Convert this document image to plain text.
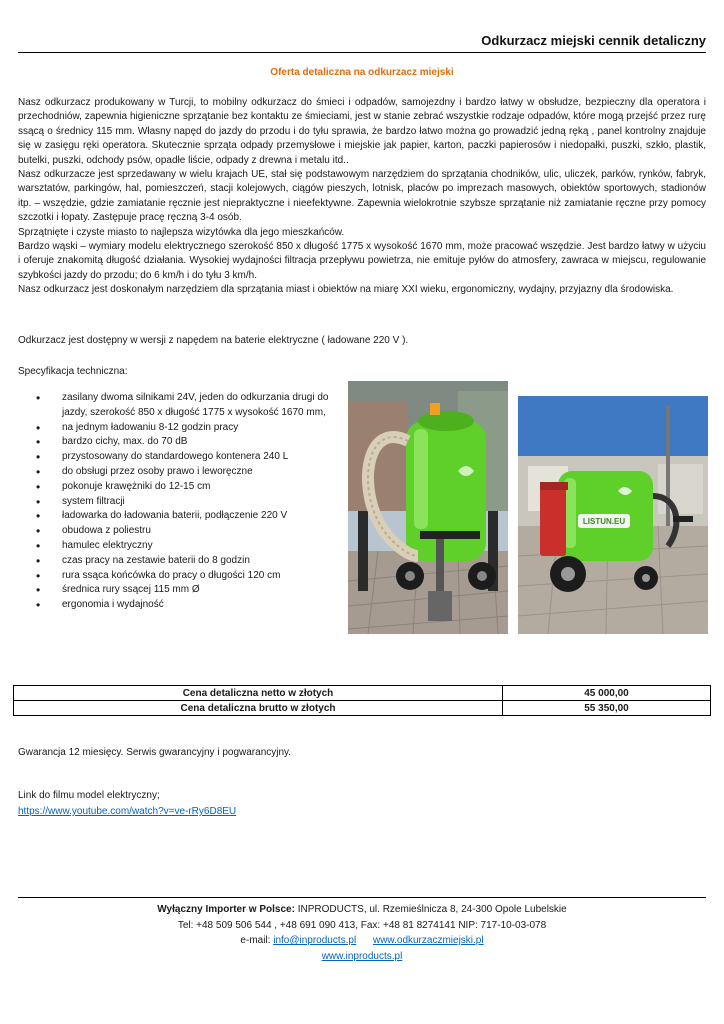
Odkurzacz miejski cennik detaliczny
Oferta detaliczna na odkurzacz miejski

Nasz odkurzacz produkowany w Turcji, to mobilny odkurzacz do śmieci i odpadów, samojezdny i bardzo łatwy w obsłudze, bezpieczny dla operatora i przechodniów, zapewnia higieniczne sprzątanie bez kontaktu ze śmieciami, jest w stanie zebrać wszystkie rodzaje odpadów, które mogą przejść przez rurę ssącą o średnicy 115 mm. Własny napęd do jazdy do przodu i do tyłu sprawia, że bardzo łatwo można go prowadzić jedną ręką , panel kontrolny znajduje się w zasięgu ręki operatora. Skutecznie sprząta odpady przemysłowe i miejskie jak papier, karton, paczki papierosów i niedopałki, puszki, szkło, plastik, butelki, puszki, odchody psów, opadłe liście, odpady z drewna i metalu itd..

Nasz odkurzacze jest sprzedawany w wielu krajach UE, stał się podstawowym narzędziem do sprzątania chodników, ulic, uliczek, parków, rynków, fabryk, warsztatów, parkingów, hal, pomieszczeń, stacji kolejowych, ciągów pieszych, lotnisk, placów po imprezach masowych, obiektów sportowych, stadionów itp. – wszędzie, gdzie zamiatanie ręcznie jest niepraktyczne i nieefektywne. Zapewnia wielokrotnie szybsze sprzątanie niż zamiatanie ręczne przy pomocy szczotki i łopaty. Zastępuje pracę ręczną 3-4 osób.

Sprzątnięte i czyste miasto to najlepsza wizytówka dla jego mieszkańców.

Bardzo wąski – wymiary modelu elektrycznego szerokość 850 x długość 1775 x wysokość 1670 mm, może pracować wszędzie. Jest bardzo łatwy w użyciu i oferuje znakomitą długość działania. Wysokiej wydajności filtracja przepływu powietrza, nie emituje pyłów do atmosfery, zawraca w miejscu, regulowanie szybkości jazdy do przodu; do 6 km/h i do tyłu 3 km/h.

Nasz odkurzacz jest doskonałym narzędziem dla sprzątania miast i obiektów na miarę XXI wieku, ergonomiczny, wydajny, przyjazny dla środowiska.

Odkurzacz jest dostępny w wersji z napędem na baterie elektryczne ( ładowane 220 V ).
Specyfikacja techniczna:
• zasilany dwoma silnikami 24V, jeden do odkurzania drugi do jazdy, szerokość 850 x długość 1775 x wysokość 1670 mm,
• na jednym ładowaniu 8-12 godzin pracy
• bardzo cichy, max. do 70 dB
• przystosowany do standardowego kontenera 240 L
• do obsługi przez osoby prawo i leworęczne
• pokonuje krawężniki do 12-15 cm
• system filtracji
• ładowarka do ładowania baterii, podłączenie 220 V
• obudowa z poliestru
• hamulec elektryczny
• czas pracy na zestawie baterii do 8 godzin
• rura ssąca końcówka do pracy o długości 120 cm
• średnica rury ssącej 115 mm Ø
• ergonomia i wydajność
LISTUN.EU
Cena detaliczna netto w złotych	45 000,00
Cena detaliczna brutto w złotych	55 350,00
Gwarancja 12 miesięcy. Serwis gwarancyjny i pogwarancyjny.
Link do filmu model elektryczny;
https://www.youtube.com/watch?v=ve-rRy6D8EU
Wyłączny Importer w Polsce: INPRODUCTS, ul. Rzemieślnicza 8, 24-300 Opole Lubelskie
Tel: +48 509 506 544 , +48 691 090 413, Fax: +48 81 8274141 NIP: 717-10-03-078
e-mail: info@inproducts.pl www.odkurzaczmiejski.pl
www.inproducts.pl
